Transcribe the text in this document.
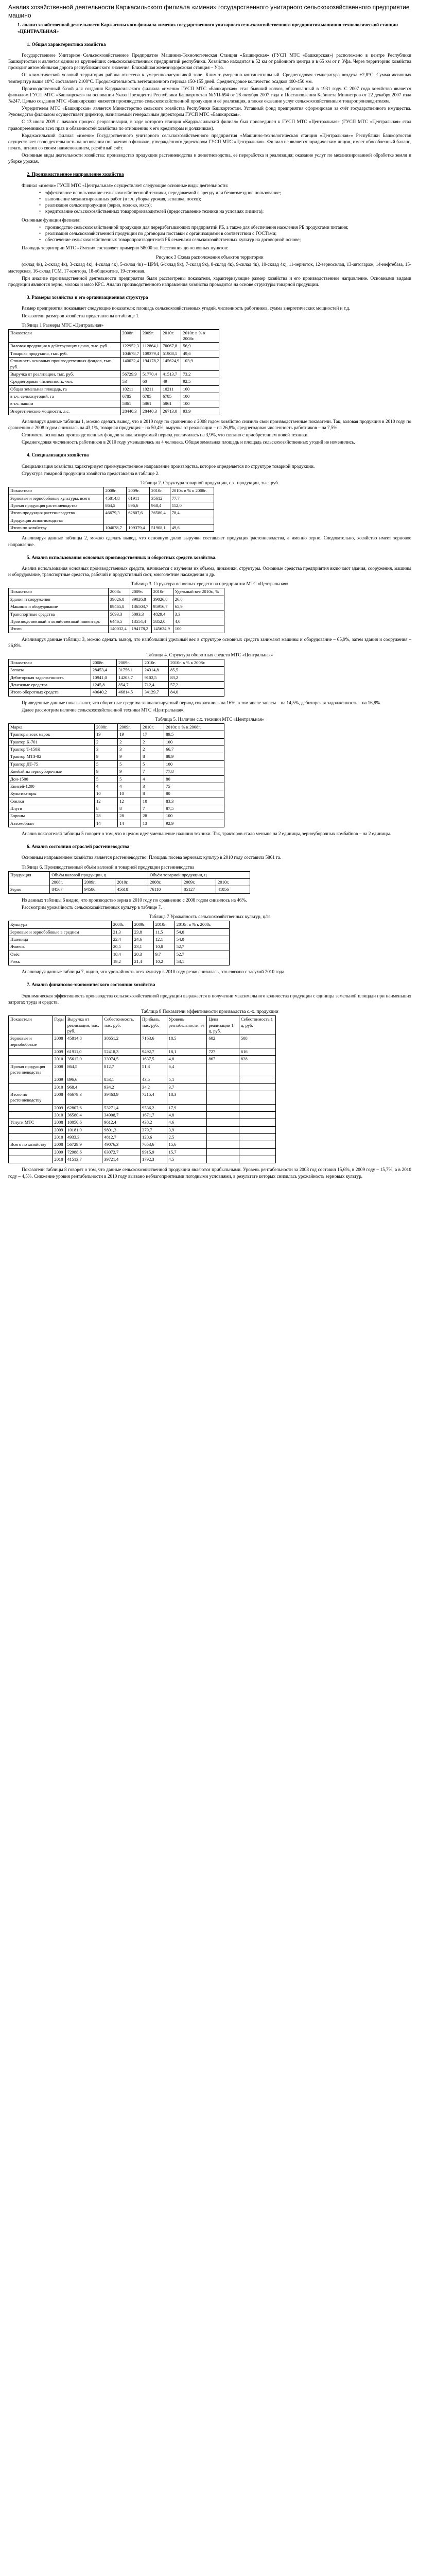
Анализ хозяйственной деятельности Каржасильского филиала «имени» государственного унитарного сельскохозяйственного предприятие машино
1. анализ хозяйственной деятельности Каржасильского филиала «имени» государственного унитарного сельскохозяйственного предприятия машинно-технологической станции «ЦЕНТРАЛЬНАЯ»
1. Общая характеристика хозяйства

Государственное Унитарное Сельскохозяйственное Предприятие Машинно-Технологическая Станция «Башкирская» (ГУСП МТС «Башкирская») расположено в центре Республики Башкортостан и является одним из крупнейших сельскохозяйственных предприятий республики. Хозяйство находится в 52 км от районного центра и в 65 км от г. Уфа. Через территорию хозяйства проходит автомобильная дорога республиканского значения. Ближайшая железнодорожная станция – Уфа.

От климатической условий территория района отнесена к умеренно-засушливой зоне. Климат умеренно-континентальный. Среднегодовая температура воздуха +2,8°С. Сумма активных температур выше 10°С составляет 2100°С. Продолжительность вегетационного периода 150-155 дней. Среднегодовое количество осадков 400-450 мм.

Производственный базой для создания Карджасильского филиала «имени» ГУСП МТС «Башкирская» стал бывший колхоз, образованный в 1931 году. С 2007 года хозяйство является филиалом ГУСП МТС «Башкирская» на основании Указа Президента Республики Башкортостан №УП-694 от 28 октября 2007 года и Постановления Кабинета Министров от 22 декабря 2007 года №247. Целью создания МТС «Башкирская» является производство сельскохозяйственной продукции и её реализация, а также оказание услуг сельскохозяйственным товаропроизводителям.

Учредителем МТС «Башкирская» является Министерство сельского хозяйства Республики Башкортостан. Уставный фонд предприятия сформирован за счёт государственного имущества. Руководство филиалом осуществляет директор, назначаемый генеральным директором ГУСП МТС «Башкирская».

С 13 июля 2009 г. начался процесс реорганизации, в ходе которого станция «Карджасильский филиал» был присоединен к ГУСП МТС «Центральная» (ГУСП МТС «Центральная» стал правопреемником всех прав и обязанностей хозяйства по отношению к его кредиторам и должникам).

Карджасильский филиал «имени» Государственного унитарного сельскохозяйственного предприятия «Машинно-технологическая станция «Центральная»» Республики Башкортостан осуществляет свою деятельность на основании положения о филиале, утверждённого директором ГУСП МТС «Центральная». Филиал не является юридическим лицом, имеет обособленный баланс, печать, штамп со своим наименованием, расчётный счёт.

Основные виды деятельности хозяйства: производство продукции растениеводства и животноводства, её переработка и реализация; оказание услуг по механизированной обработке земли и уборке урожая.

2. Производственное направление хозяйства

Филиал «имени» ГУСП МТС «Центральная» осуществляет следующие основные виды деятельности:

• эффективное использование сельскохозяйственной техники, передаваемой в аренду или безвозмездное пользование;
• выполнение механизированных работ (в т.ч. уборка урожая, вспашка, посев);
• реализация сельхозпродукции (зерно, молоко, мясо);
• кредитование сельскохозяйственных товаропроизводителей (предоставление техники на условиях лизинга);

Основные функции филиала:

• производство сельскохозяйственной продукции для перерабатывающих предприятий РБ, а также для обеспечения населения РБ продуктами питания;
• реализация сельскохозяйственной продукции по договорам поставки с организациями в соответствии с ГОСТами;
• обеспечение сельскохозяйственных товаропроизводителей РБ семенами сельскохозяйственных культур на договорной основе;

Площадь территории МТС «Имени» составляет примерно 58000 га. Расстояния до основных пунктов:

Рисунок 3 Схема расположения объектов территории

(склад 4к), 2-склад 4к), 3-склад 4к), 4-склад 4к), 5-склад 4к) – ЦРМ, 6-склад 9к), 7-склад 9к), 8-склад 4к), 9-склад 4к), 10-склад 4к), 11-зерноток, 12-зерносклад, 13-автогараж, 14-нефтебаза, 15-мастерская, 16-склад ГСМ, 17-контора, 18-общежитие, 19-столовая.

При анализе производственной деятельности предприятия были рассмотрены показатели, характеризующие размер хозяйства и его производственное направление. Основными видами продукции являются зерно, молоко и мясо КРС. Анализ производственного направления хозяйства проводится на основе структуры товарной продукции.

3. Размеры хозяйства и его организационная структура

Размер предприятия показывает следующие показатели: площадь сельскохозяйственных угодий, численность работников, сумма энергетических мощностей и т.д.

Показатели размеров хозяйства представлены в таблице 1.

Таблица 1 Размеры МТС «Центральная»
Показатели	2008г.	2009г.	2010г.	2010г. в % к 2008г.
Валовая продукция в действующих ценах, тыс. руб.	122952,3	112864,1	70067,8	56,9
Товарная продукция, тыс. руб.	104678,7	109379,4	51908,1	49,6
Стоимость основных производственных фондов, тыс. руб.	140032,4	194178,2	145624,9	103,9
Выручка от реализации, тыс. руб.	56729,9	51770,4	41513,7	73,2
Среднегодовая численность, чел.	53	60	49	92,5
Общая земельная площадь, га	10211	10211	10211	100
в т.ч. сельхозугодий, га	6785	6785	6785	100
в т.ч. пашни	5861	5861	5861	100
Энергетические мощности, л.с.	28440,3	28440,3	26713,0	93,9

Анализируя данные таблицы 1, можно сделать вывод, что в 2010 году по сравнению с 2008 годом хозяйство снизило свои производственные показатели. Так, валовая продукция в 2010 году по сравнению с 2008 годом снизилась на 43,1%, товарная продукция – на 50,4%, выручка от реализации – на 26,8%, среднегодовая численность работников – на 7,5%.

Стоимость основных производственных фондов за анализируемый период увеличилась на 3,9%, что связано с приобретением новой техники.

Среднегодовая численность работников в 2010 году уменьшилась на 4 человека. Общая земельная площадь и площадь сельскохозяйственных угодий не изменились.

4. Специализация хозяйства

Специализация хозяйства характеризует преимущественное направление производства, которое определяется по структуре товарной продукции.

Структура товарной продукции хозяйства представлена в таблице 2.

Таблица 2. Структура товарной продукции, с.х. продукции, тыс. руб.
Показатели	2008г.	2009г.	2010г.	2010г. в % к 2008г.
Зерновые и зернобобовые культуры, всего	45814,8	61911	35612	77,7
Прочая продукция растениеводства	864,5	896,6	968,4	112,0
Итого продукция растениеводства	46679,3	62807,6	36580,4	78,4
Продукция животноводства				
Итого по хозяйству	104678,7	109379,4	51908,1	49,6

Анализируя данные таблицы 2, можно сделать вывод, что основную долю выручки составляет продукция растениеводства, а именно зерно. Следовательно, хозяйство имеет зерновое направление.

5. Анализ использования основных производственных и оборотных средств хозяйства.

Анализ использования основных производственных средств, начинается с изучения их объема, динамики, структуры. Основные средства предприятия включают здания, сооружения, машины и оборудование, транспортные средства, рабочий и продуктивный скот, многолетние насаждения и др.

Таблица 3. Структура основных средств на предприятии МТС «Центральная»
Показатели	2008г.	2009г.	2010г.	Удельный вес 2010г., %
Здания и сооружения	39026,8	39026,8	39026,8	26,8
Машины и оборудование	89465,8	136503,7	95916,7	65,9
Транспортные средства	5093,3	5093,3	4829,4	3,3
Производственный и хозяйственный инвентарь	6446,5	13554,4	5852,0	4,0
Итого	140032,4	194178,2	145624,9	100

Анализируя данные таблицы 3, можно сделать вывод, что наибольший удельный вес в структуре основных средств занимают машины и оборудование – 65,9%, затем здания и сооружения – 26,8%.

Таблица 4. Структура оборотных средств МТС «Центральная»
Показатели	2008г.	2009г.	2010г.	2010г. в % к 2008г.
Запасы	28453,4	31756,1	24314,8	85,5
Дебиторская задолженность	10941,0	14203,7	9102,5	83,2
Денежные средства	1245,8	854,7	712,4	57,2
Итого оборотных средств	40640,2	46814,5	34129,7	84,0

Приведенные данные показывают, что оборотные средства за анализируемый период сократились на 16%, в том числе запасы – на 14,5%, дебиторская задолженность – на 16,8%.

Далее рассмотрим наличие сельскохозяйственной техники МТС «Центральная».

Таблица 5. Наличие с.х. техники МТС «Центральная»
Марка	2008г.	2009г.	2010г.	2010г. в % к 2008г.
Тракторы всех марок	19	19	17	89,5
Трактор К-701	2	2	2	100
Трактор Т-150К	3	3	2	66,7
Трактор МТЗ-82	9	9	8	88,9
Трактор ДТ-75	5	5	5	100
Комбайны зерноуборочные	9	9	7	77,8
Дон-1500	5	5	4	80
Енисей-1200	4	4	3	75
Культиваторы	10	10	8	80
Сеялки	12	12	10	83,3
Плуги	8	8	7	87,5
Бороны	28	28	28	100
Автомобили	14	14	13	92,9

Анализ показателей таблицы 5 говорит о том, что в целом идет уменьшение наличия техники. Так, тракторов стало меньше на 2 единицы, зерноуборочных комбайнов – на 2 единицы.

6. Анализ состояния отраслей растениеводства

Основным направлением хозяйства является растениеводство. Площадь посева зерновых культур в 2010 году составила 5861 га.

Таблица 6. Производственный объём валовой и товарной продукции растениеводства
Продукция	Объём валовой продукции, ц			Объём товарной продукции, ц		
	2008г.	2009г.	2010г.	2008г.	2009г.	2010г.
Зерно	84567	94586	45618	76110	85127	41056

Из данных таблицы 6 видно, что производство зерна в 2010 году по сравнению с 2008 годом снизилось на 46%.

Рассмотрим урожайность сельскохозяйственных культур в таблице 7.

Таблица 7 Урожайность сельскохозяйственных культур, ц/га
Культура	2008г.	2009г.	2010г.	2010г. в % к 2008г.
Зерновые и зернобобовые в среднем	21,3	23,8	11,5	54,0
Пшеница	22,4	24,6	12,1	54,0
Ячмень	20,5	23,1	10,8	52,7
Овёс	18,4	20,3	9,7	52,7
Рожь	19,2	21,4	10,2	53,1

Анализируя данные таблицы 7, видно, что урожайность всех культур в 2010 году резко снизилась, это связано с засухой 2010 года.

7. Анализ финансово-экономического состояния хозяйства

Экономическая эффективность производства сельскохозяйственной продукции выражается в получении максимального количества продукции с единицы земельной площади при наименьших затратах труда и средств.

Таблица 8 Показатели эффективности производства с.-х. продукции
Показатели	Годы	Выручка от реализации, тыс. руб.	Себестоимость, тыс. руб.	Прибыль, тыс. руб.	Уровень рентабельности, %	Цена реализации 1 ц, руб.	Себестоимость 1 ц, руб.
Зерновые и зернобобовые	2008	45814,8	38651,2	7163,6	18,5	602	508
	2009	61911,0	52418,3	9492,7	18,1	727	616
	2010	35612,0	33974,5	1637,5	4,8	867	828
Прочая продукция растениеводства	2008	864,5	812,7	51,8	6,4		
	2009	896,6	853,1	43,5	5,1		
	2010	968,4	934,2	34,2	3,7		
Итого по растениеводству	2008	46679,3	39463,9	7215,4	18,3		
	2009	62807,6	53271,4	9536,2	17,9		
	2010	36580,4	34908,7	1671,7	4,8		
Услуги МТС	2008	10050,6	9612,4	438,2	4,6		
	2009	10181,0	9801,3	379,7	3,9		
	2010	4933,3	4812,7	120,6	2,5		
Всего по хозяйству	2008	56729,9	49076,3	7653,6	15,6		
	2009	72988,6	63072,7	9915,9	15,7		
	2010	41513,7	39721,4	1792,3	4,5		

Показатели таблицы 8 говорят о том, что данные сельскохозяйственной продукции являются прибыльными. Уровень рентабельности за 2008 год составил 15,6%, в 2009 году – 15,7%, а в 2010 году – 4,5%. Снижение уровня рентабельности в 2010 году вызвано неблагоприятными погодными условиями, в результате которых снизилась урожайность зерновых культур.
